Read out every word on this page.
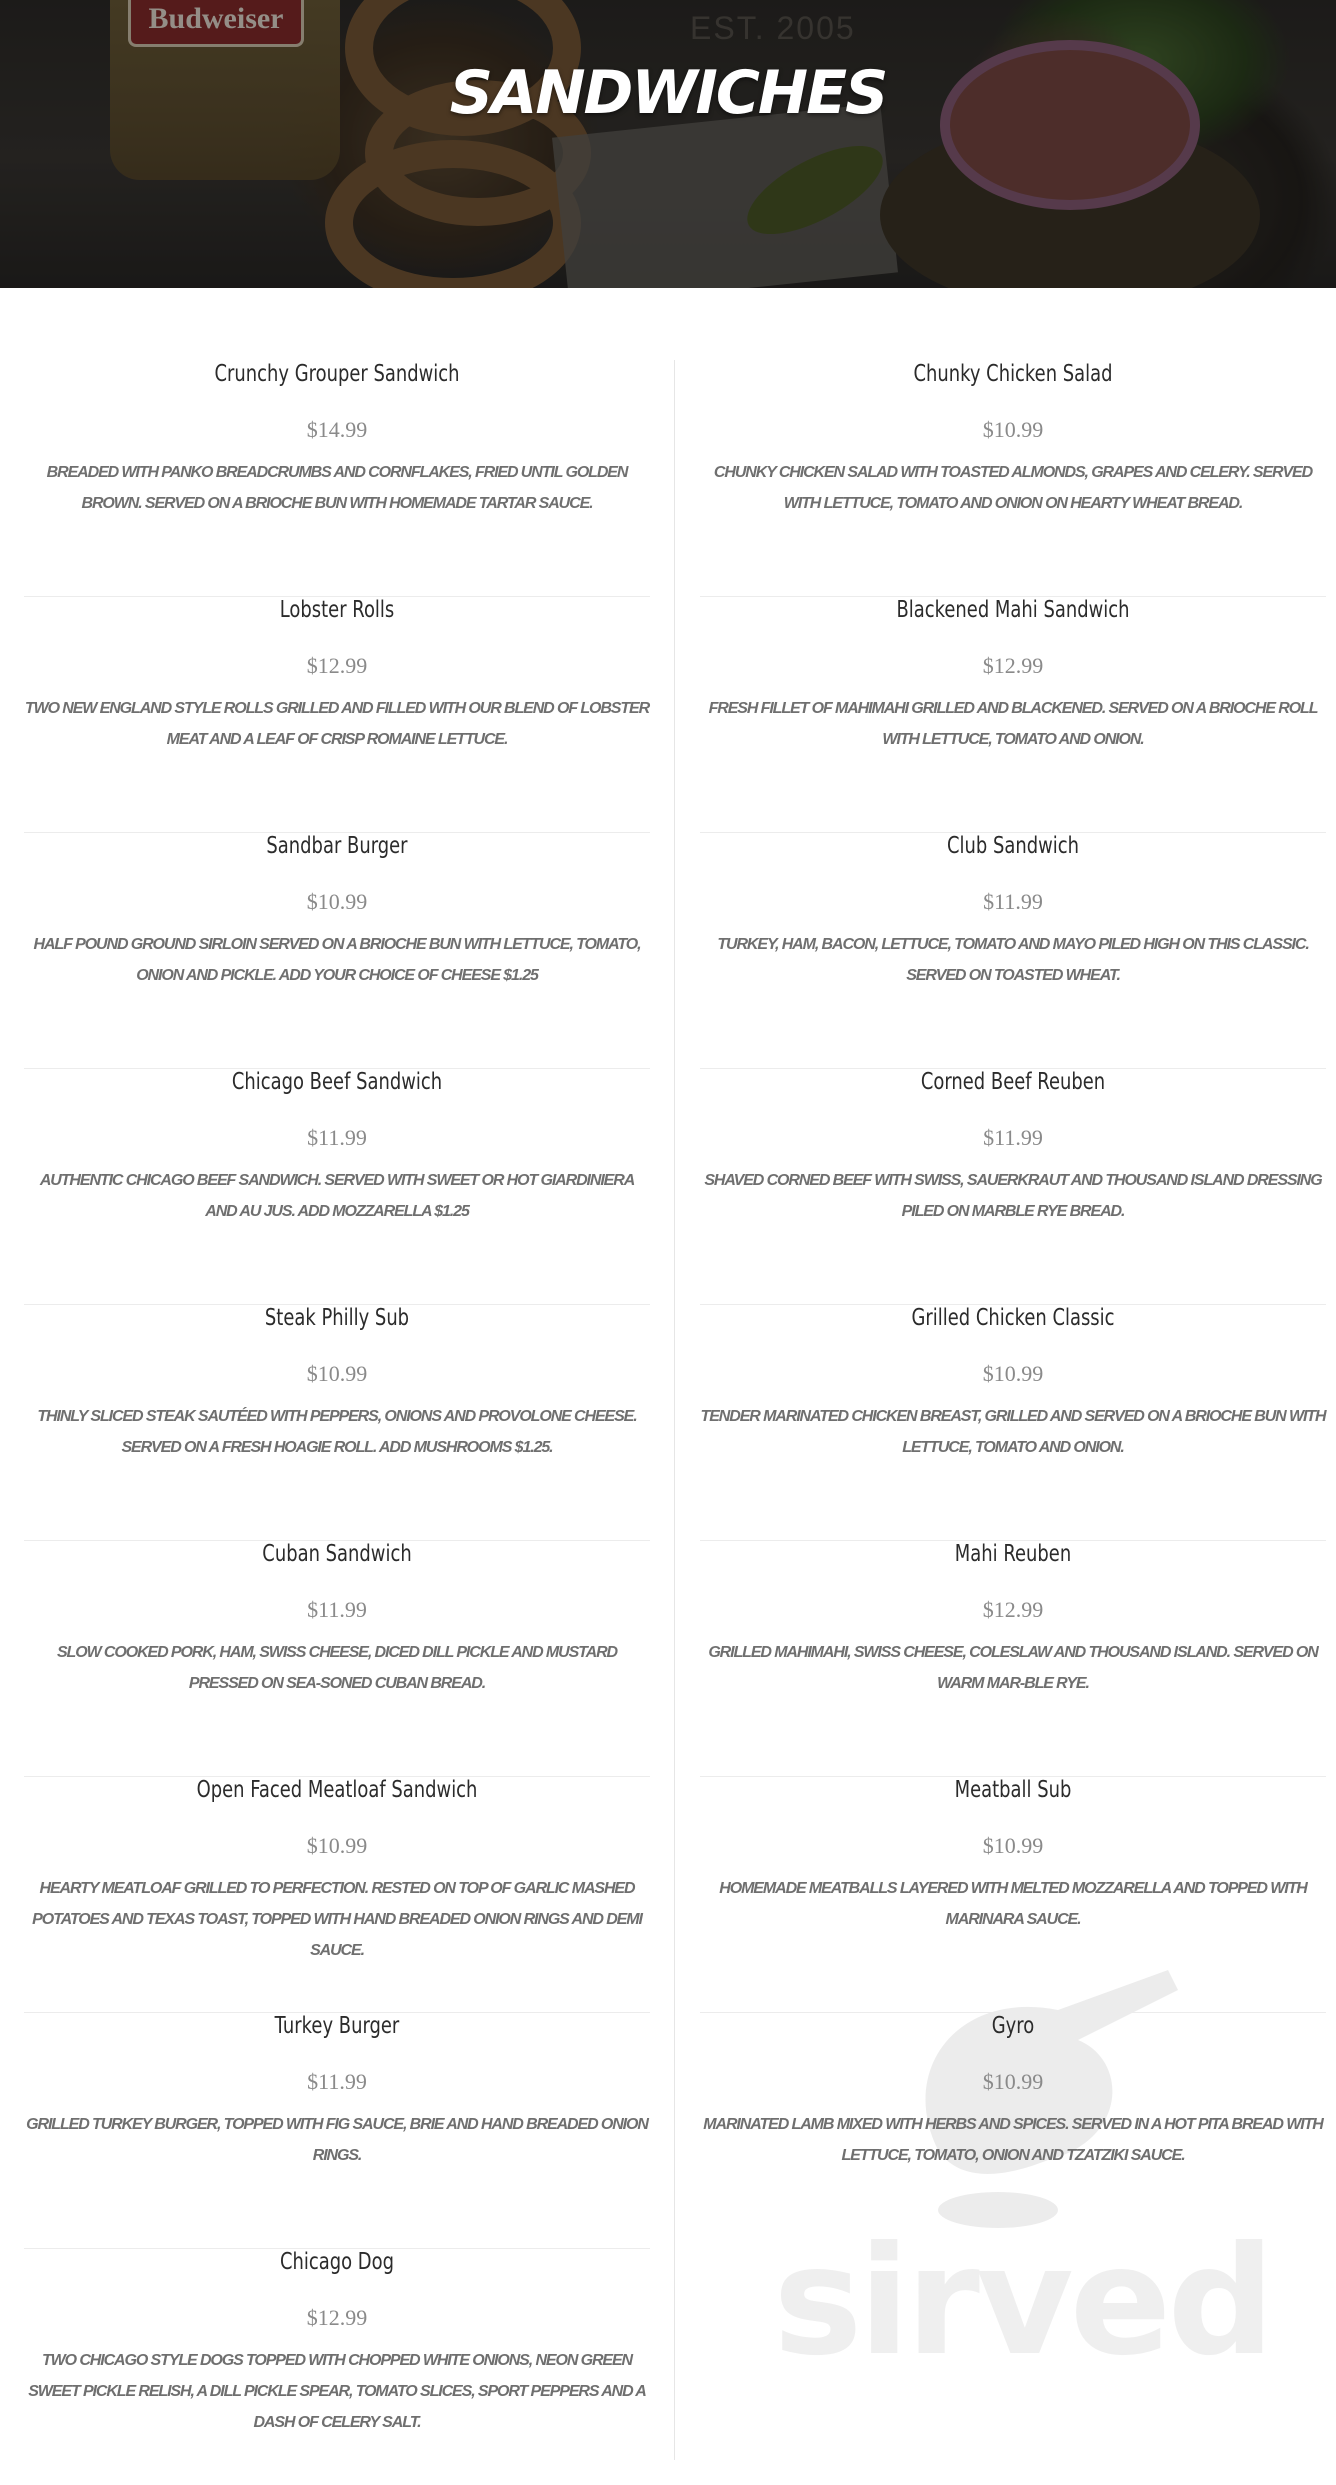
Budweiser	EST. 2005
SANDWICHES
Crunchy Grouper Sandwich
$14.99
BREADED WITH PANKO BREADCRUMBS AND CORNFLAKES, FRIED UNTIL GOLDEN BROWN. SERVED ON A BRIOCHE BUN WITH HOMEMADE TARTAR SAUCE.
Lobster Rolls
$12.99
TWO NEW ENGLAND STYLE ROLLS GRILLED AND FILLED WITH OUR BLEND OF LOBSTER MEAT AND A LEAF OF CRISP ROMAINE LETTUCE.
Sandbar Burger
$10.99
HALF POUND GROUND SIRLOIN SERVED ON A BRIOCHE BUN WITH LETTUCE, TOMATO, ONION AND PICKLE. ADD YOUR CHOICE OF CHEESE $1.25
Chicago Beef Sandwich
$11.99
AUTHENTIC CHICAGO BEEF SANDWICH. SERVED WITH SWEET OR HOT GIARDINIERA AND AU JUS. ADD MOZZARELLA $1.25
Steak Philly Sub
$10.99
THINLY SLICED STEAK SAUTÉED WITH PEPPERS, ONIONS AND PROVOLONE CHEESE. SERVED ON A FRESH HOAGIE ROLL. ADD MUSHROOMS $1.25.
Cuban Sandwich
$11.99
SLOW COOKED PORK, HAM, SWISS CHEESE, DICED DILL PICKLE AND MUSTARD PRESSED ON SEA-SONED CUBAN BREAD.
Open Faced Meatloaf Sandwich
$10.99
HEARTY MEATLOAF GRILLED TO PERFECTION. RESTED ON TOP OF GARLIC MASHED POTATOES AND TEXAS TOAST, TOPPED WITH HAND BREADED ONION RINGS AND DEMI SAUCE.
Turkey Burger
$11.99
GRILLED TURKEY BURGER, TOPPED WITH FIG SAUCE, BRIE AND HAND BREADED ONION RINGS.
Chicago Dog
$12.99
TWO CHICAGO STYLE DOGS TOPPED WITH CHOPPED WHITE ONIONS, NEON GREEN SWEET PICKLE RELISH, A DILL PICKLE SPEAR, TOMATO SLICES, SPORT PEPPERS AND A DASH OF CELERY SALT.
sirved
Chunky Chicken Salad
$10.99
CHUNKY CHICKEN SALAD WITH TOASTED ALMONDS, GRAPES AND CELERY. SERVED WITH LETTUCE, TOMATO AND ONION ON HEARTY WHEAT BREAD.
Blackened Mahi Sandwich
$12.99
FRESH FILLET OF MAHIMAHI GRILLED AND BLACKENED. SERVED ON A BRIOCHE ROLL WITH LETTUCE, TOMATO AND ONION.
Club Sandwich
$11.99
TURKEY, HAM, BACON, LETTUCE, TOMATO AND MAYO PILED HIGH ON THIS CLASSIC. SERVED ON TOASTED WHEAT.
Corned Beef Reuben
$11.99
SHAVED CORNED BEEF WITH SWISS, SAUERKRAUT AND THOUSAND ISLAND DRESSING PILED ON MARBLE RYE BREAD.
Grilled Chicken Classic
$10.99
TENDER MARINATED CHICKEN BREAST, GRILLED AND SERVED ON A BRIOCHE BUN WITH LETTUCE, TOMATO AND ONION.
Mahi Reuben
$12.99
GRILLED MAHIMAHI, SWISS CHEESE, COLESLAW AND THOUSAND ISLAND. SERVED ON WARM MAR-BLE RYE.
Meatball Sub
$10.99
HOMEMADE MEATBALLS LAYERED WITH MELTED MOZZARELLA AND TOPPED WITH MARINARA SAUCE.
Gyro
$10.99
MARINATED LAMB MIXED WITH HERBS AND SPICES. SERVED IN A HOT PITA BREAD WITH LETTUCE, TOMATO, ONION AND TZATZIKI SAUCE.
